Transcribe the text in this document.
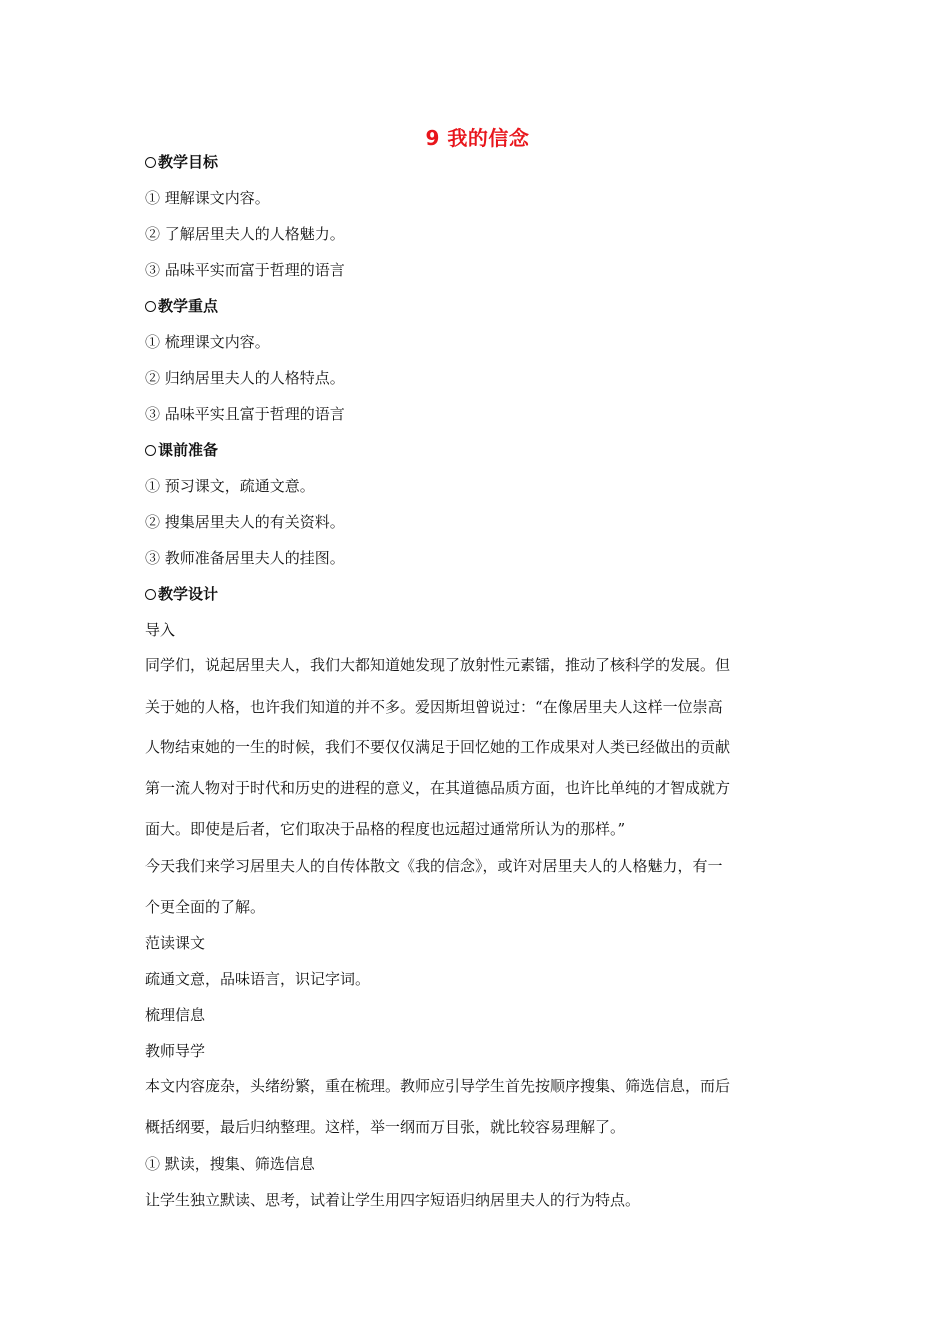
9 我的信念
教学目标
① 理解课文内容。
② 了解居里夫人的人格魅力。
③ 品味平实而富于哲理的语言
教学重点
① 梳理课文内容。
② 归纳居里夫人的人格特点。
③ 品味平实且富于哲理的语言
课前准备
① 预习课文，疏通文意。
② 搜集居里夫人的有关资料。
③ 教师准备居里夫人的挂图。
教学设计
导入
同学们，说起居里夫人，我们大都知道她发现了放射性元素镭，推动了核科学的发展。但
关于她的人格，也许我们知道的并不多。爱因斯坦曾说过：“在像居里夫人这样一位崇高
人物结束她的一生的时候，我们不要仅仅满足于回忆她的工作成果对人类已经做出的贡献
第一流人物对于时代和历史的进程的意义，在其道德品质方面，也许比单纯的才智成就方
面大。即使是后者，它们取决于品格的程度也远超过通常所认为的那样。”
今天我们来学习居里夫人的自传体散文《我的信念》，或许对居里夫人的人格魅力，有一
个更全面的了解。
范读课文
疏通文意，品味语言，识记字词。
梳理信息
教师导学
本文内容庞杂，头绪纷繁，重在梳理。教师应引导学生首先按顺序搜集、筛选信息，而后
概括纲要，最后归纳整理。这样，举一纲而万目张，就比较容易理解了。
① 默读，搜集、筛选信息
让学生独立默读、思考，试着让学生用四字短语归纳居里夫人的行为特点。
